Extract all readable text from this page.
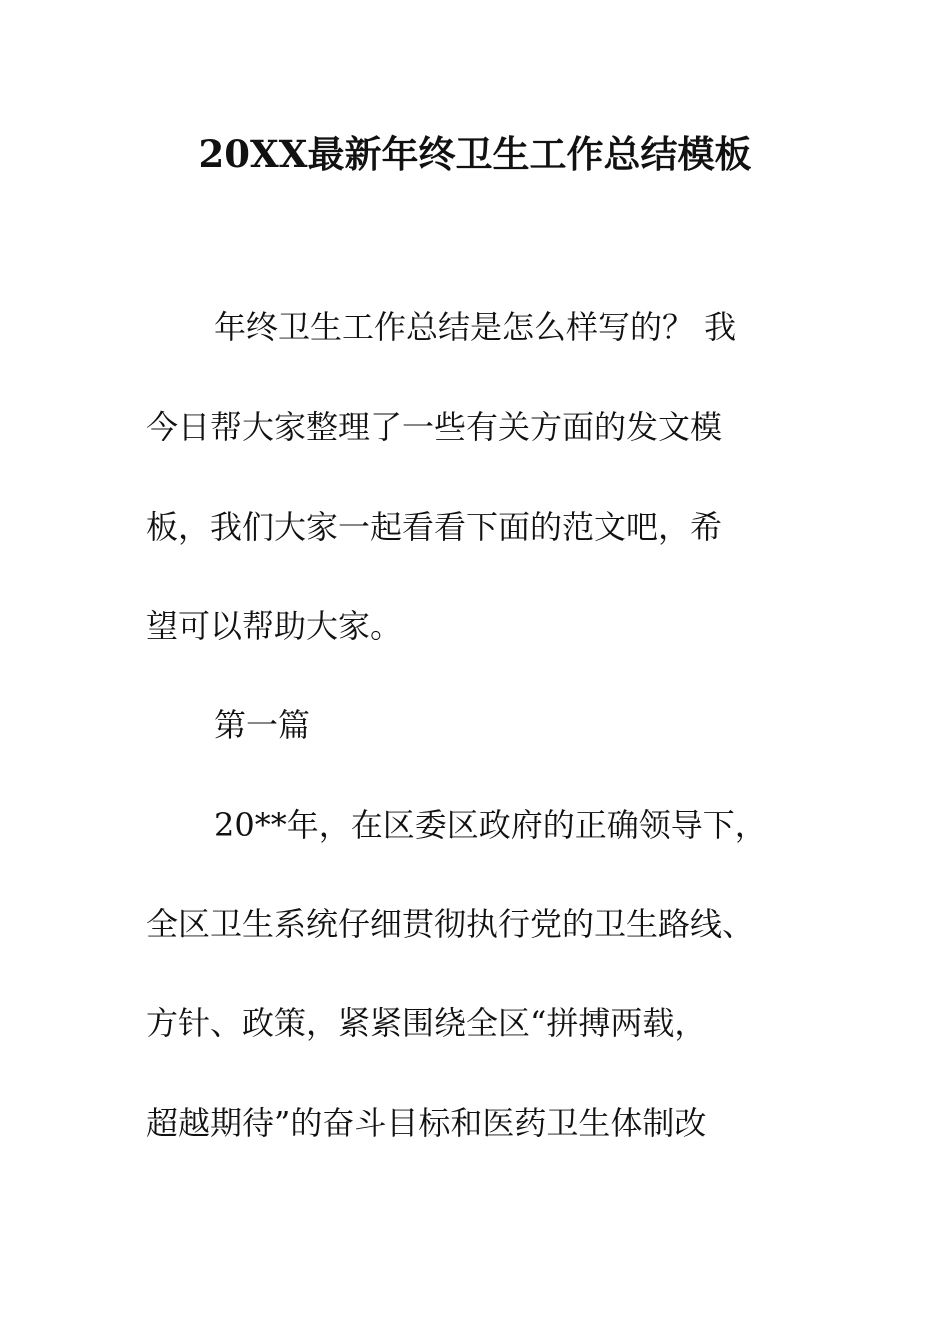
20XX最新年终卫生工作总结模板

年终卫生工作总结是怎么样写的？ 我

今日帮大家整理了一些有关方面的发文模

板，我们大家一起看看下面的范文吧，希

望可以帮助大家。

第一篇

20**年，在区委区政府的正确领导下，

全区卫生系统仔细贯彻执行党的卫生路线、

方针、政策，紧紧围绕全区“拼搏两载，

超越期待”的奋斗目标和医药卫生体制改
